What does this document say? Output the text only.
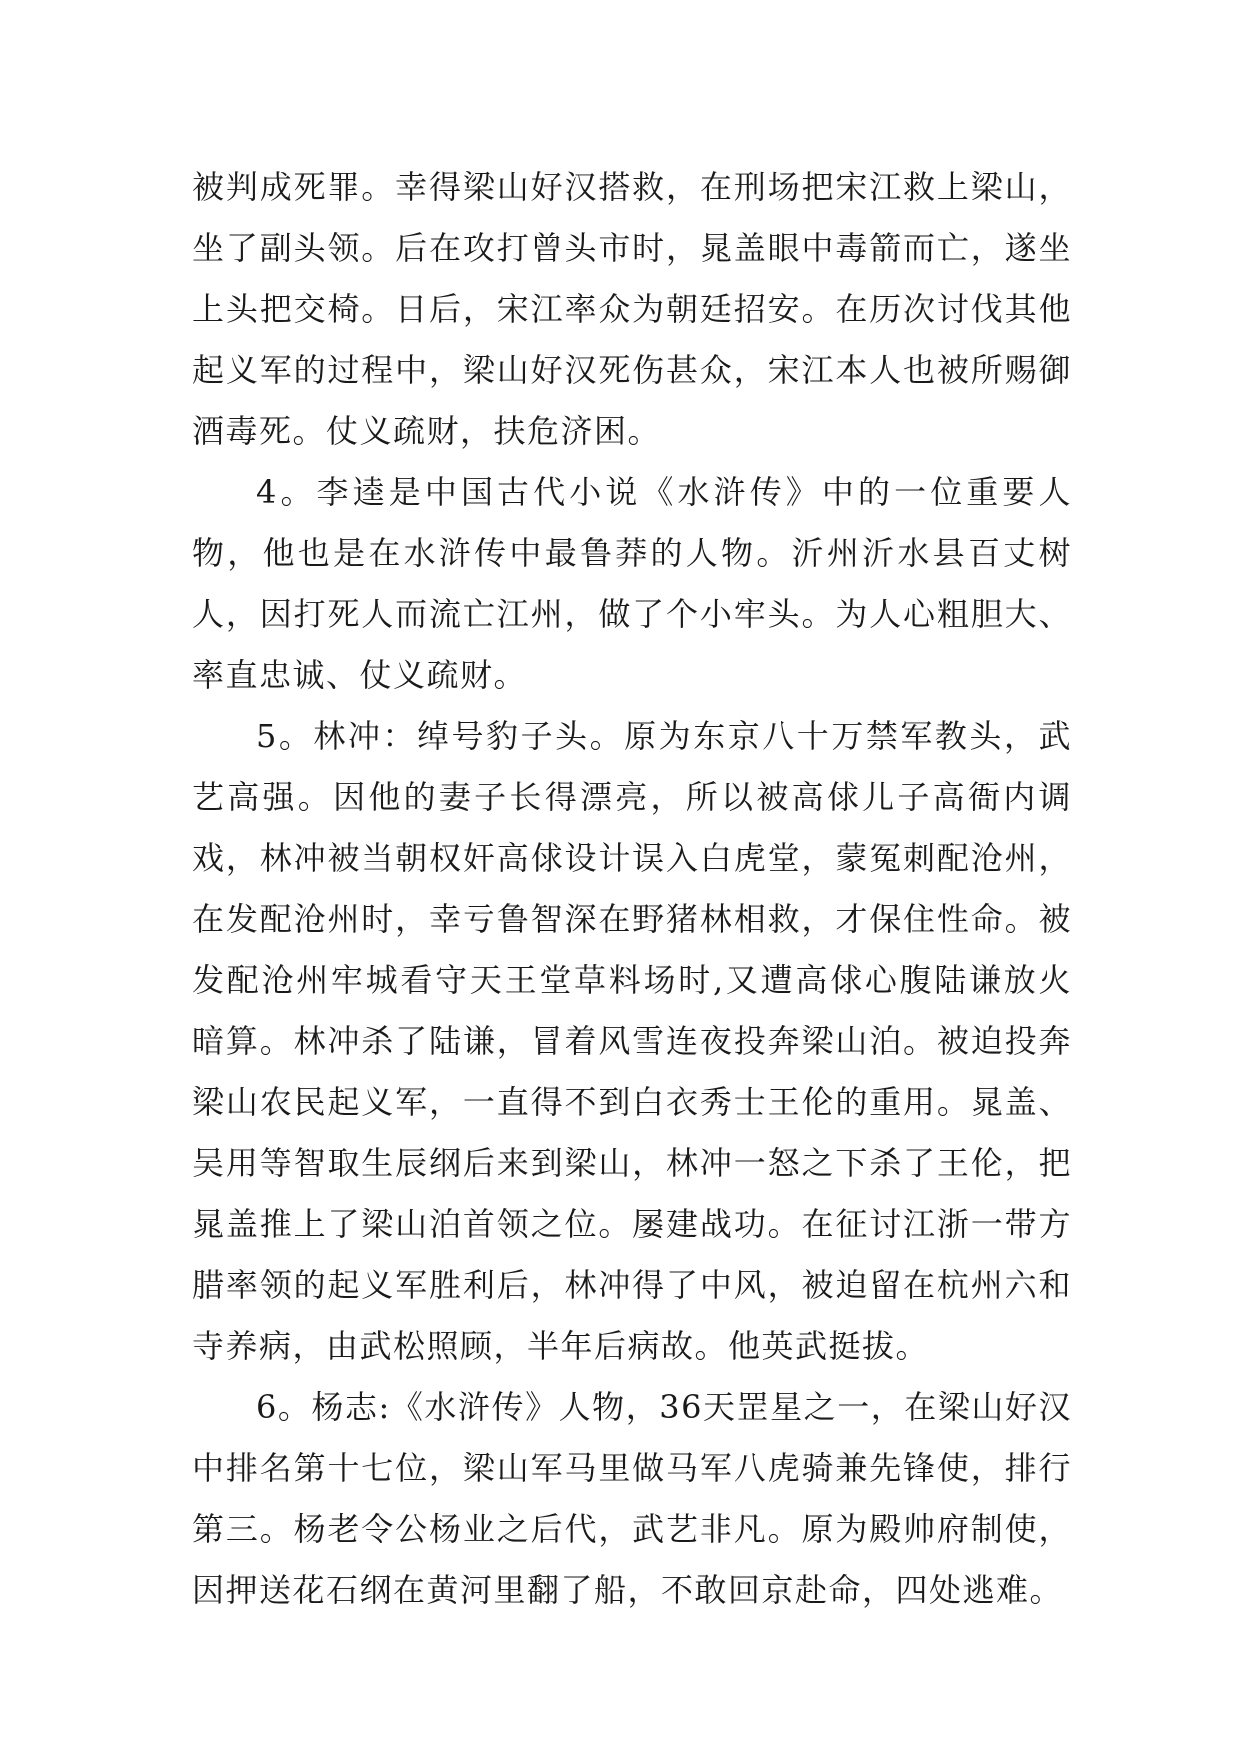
被判成死罪。幸得梁山好汉搭救，在刑场把宋江救上梁山，坐了副头领。后在攻打曾头市时，晁盖眼中毒箭而亡，遂坐上头把交椅。日后，宋江率众为朝廷招安。在历次讨伐其他起义军的过程中，梁山好汉死伤甚众，宋江本人也被所赐御酒毒死。仗义疏财，扶危济困。

4。李逵是中国古代小说《水浒传》中的一位重要人物，他也是在水浒传中最鲁莽的人物。沂州沂水县百丈树人，因打死人而流亡江州，做了个小牢头。为人心粗胆大、率直忠诚、仗义疏财。

5。林冲：绰号豹子头。原为东京八十万禁军教头，武艺高强。因他的妻子长得漂亮，所以被高俅儿子高衙内调戏，林冲被当朝权奸高俅设计误入白虎堂，蒙冤刺配沧州，在发配沧州时，幸亏鲁智深在野猪林相救，才保住性命。被发配沧州牢城看守天王堂草料场时,又遭高俅心腹陆谦放火暗算。林冲杀了陆谦，冒着风雪连夜投奔梁山泊。被迫投奔梁山农民起义军，一直得不到白衣秀士王伦的重用。晁盖、吴用等智取生辰纲后来到梁山，林冲一怒之下杀了王伦，把晁盖推上了梁山泊首领之位。屡建战功。在征讨江浙一带方腊率领的起义军胜利后，林冲得了中风，被迫留在杭州六和寺养病，由武松照顾，半年后病故。他英武挺拔。

6。杨志:《水浒传》人物，36天罡星之一，在梁山好汉中排名第十七位，梁山军马里做马军八虎骑兼先锋使，排行第三。杨老令公杨业之后代，武艺非凡。原为殿帅府制使，因押送花石纲在黄河里翻了船，不敢回京赴命，四处逃难。
